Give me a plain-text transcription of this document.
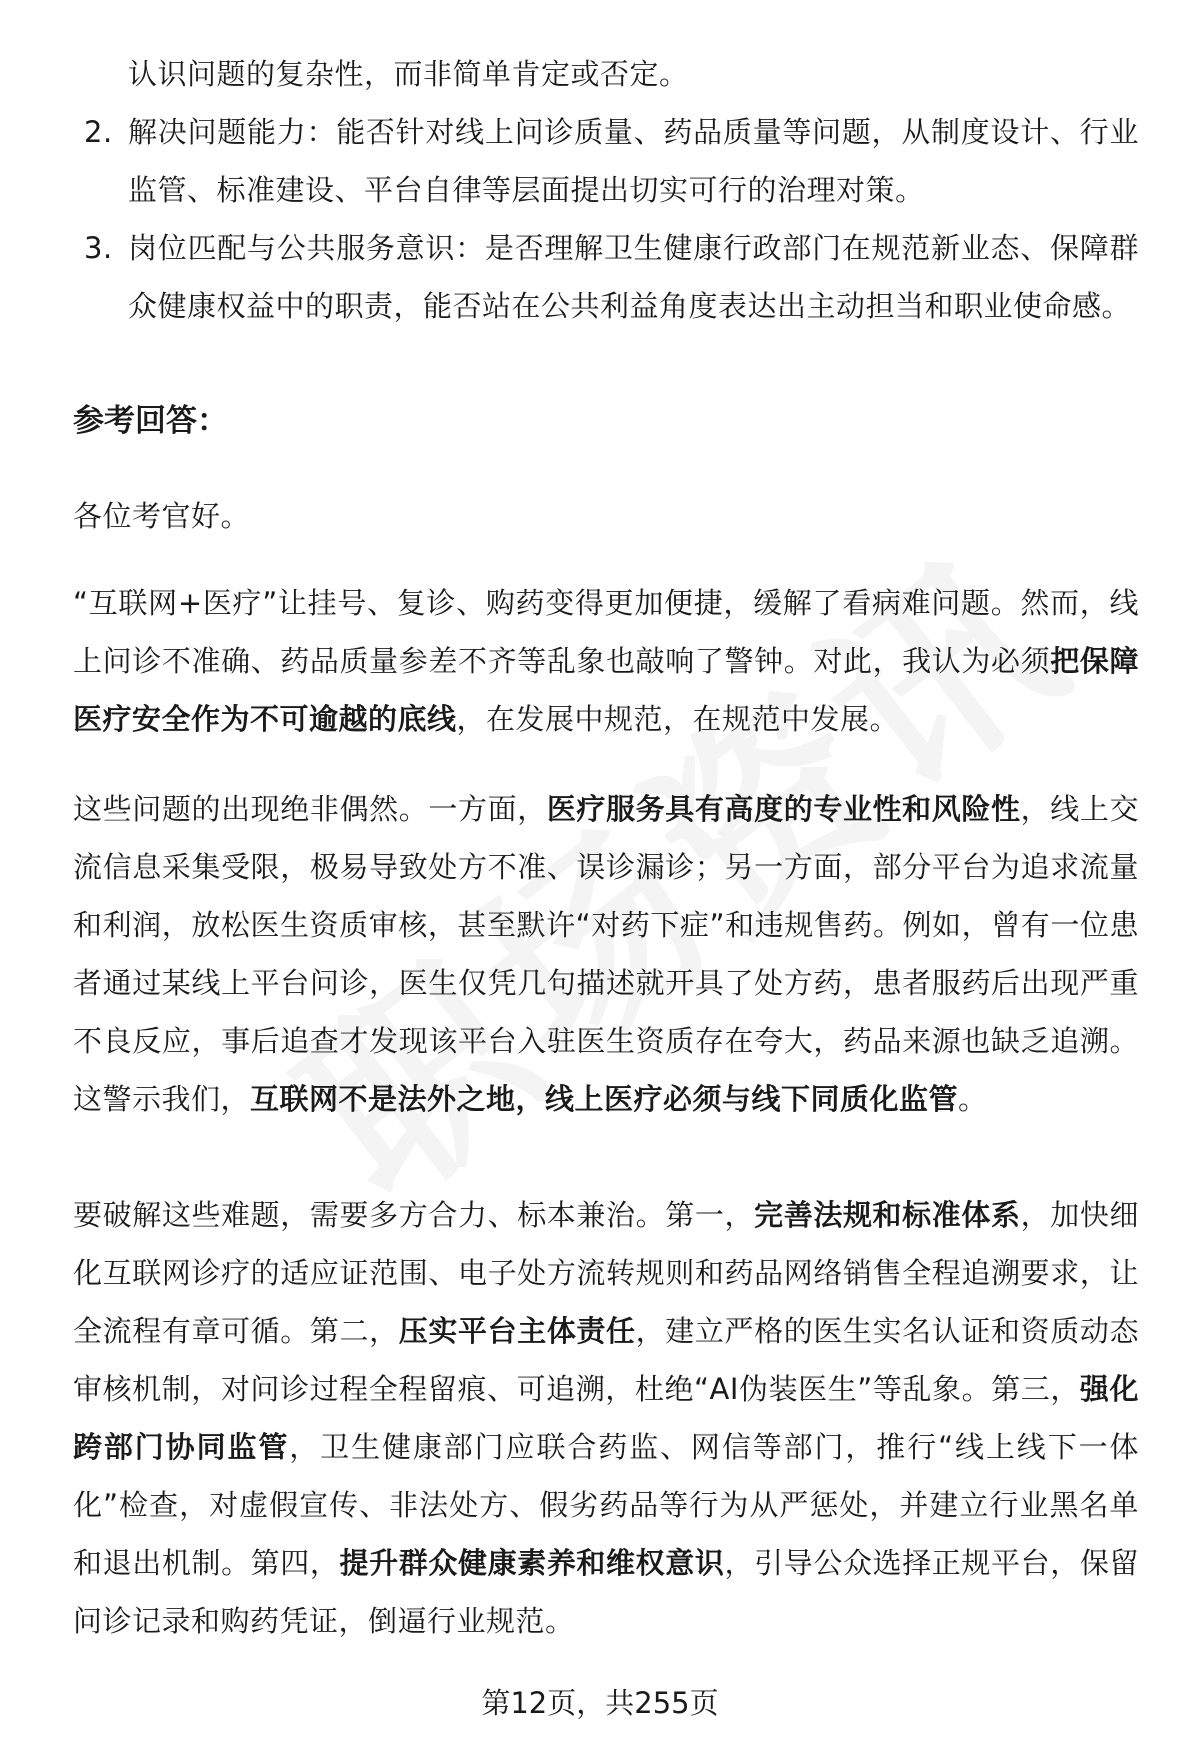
认识问题的复杂性，而非简单肯定或否定。

2. 解决问题能力：能否针对线上问诊质量、药品质量等问题，从制度设计、行业监管、标准建设、平台自律等层面提出切实可行的治理对策。
3. 岗位匹配与公共服务意识：是否理解卫生健康行政部门在规范新业态、保障群众健康权益中的职责，能否站在公共利益角度表达出主动担当和职业使命感。
参考回答：

各位考官好。

“互联网+医疗”让挂号、复诊、购药变得更加便捷，缓解了看病难问题。然而，线上问诊不准确、药品质量参差不齐等乱象也敲响了警钟。对此，我认为必须把保障医疗安全作为不可逾越的底线，在发展中规范，在规范中发展。

这些问题的出现绝非偶然。一方面，医疗服务具有高度的专业性和风险性，线上交流信息采集受限，极易导致处方不准、误诊漏诊；另一方面，部分平台为追求流量和利润，放松医生资质审核，甚至默许“对药下症”和违规售药。例如，曾有一位患者通过某线上平台问诊，医生仅凭几句描述就开具了处方药，患者服药后出现严重不良反应，事后追查才发现该平台入驻医生资质存在夸大，药品来源也缺乏追溯。这警示我们，互联网不是法外之地，线上医疗必须与线下同质化监管。

要破解这些难题，需要多方合力、标本兼治。第一，完善法规和标准体系，加快细化互联网诊疗的适应证范围、电子处方流转规则和药品网络销售全程追溯要求，让全流程有章可循。第二，压实平台主体责任，建立严格的医生实名认证和资质动态审核机制，对问诊过程全程留痕、可追溯，杜绝“AI伪装医生”等乱象。第三，强化跨部门协同监管，卫生健康部门应联合药监、网信等部门，推行“线上线下一体化”检查，对虚假宣传、非法处方、假劣药品等行为从严惩处，并建立行业黑名单和退出机制。第四，提升群众健康素养和维权意识，引导公众选择正规平台，保留问诊记录和购药凭证，倒逼行业规范。

第12页，共255页
